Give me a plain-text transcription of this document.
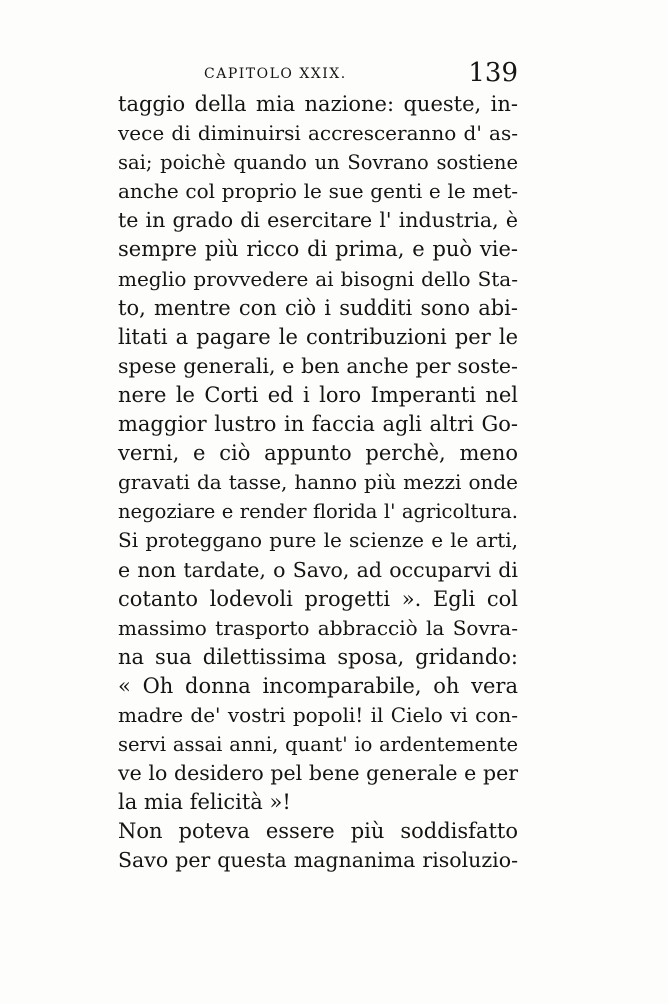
CAPITOLO XXIX.	139
taggio della mia nazione: queste, in-
vece di diminuirsi accresceranno d' as-
sai; poichè quando un Sovrano sostiene
anche col proprio le sue genti e le met-
te in grado di esercitare l' industria, è
sempre più ricco di prima, e può vie-
meglio provvedere ai bisogni dello Sta-
to, mentre con ciò i sudditi sono abi-
litati a pagare le contribuzioni per le
spese generali, e ben anche per soste-
nere le Corti ed i loro Imperanti nel
maggior lustro in faccia agli altri Go-
verni, e ciò appunto perchè, meno
gravati da tasse, hanno più mezzi onde
negoziare e render florida l' agricoltura.
Si proteggano pure le scienze e le arti,
e non tardate, o Savo, ad occuparvi di
cotanto lodevoli progetti ». Egli col
massimo trasporto abbracciò la Sovra-
na sua dilettissima sposa, gridando:
« Oh donna incomparabile, oh vera
madre de' vostri popoli! il Cielo vi con-
servi assai anni, quant' io ardentemente
ve lo desidero pel bene generale e per
la mia felicità »!
Non poteva essere più soddisfatto
Savo per questa magnanima risoluzio-
